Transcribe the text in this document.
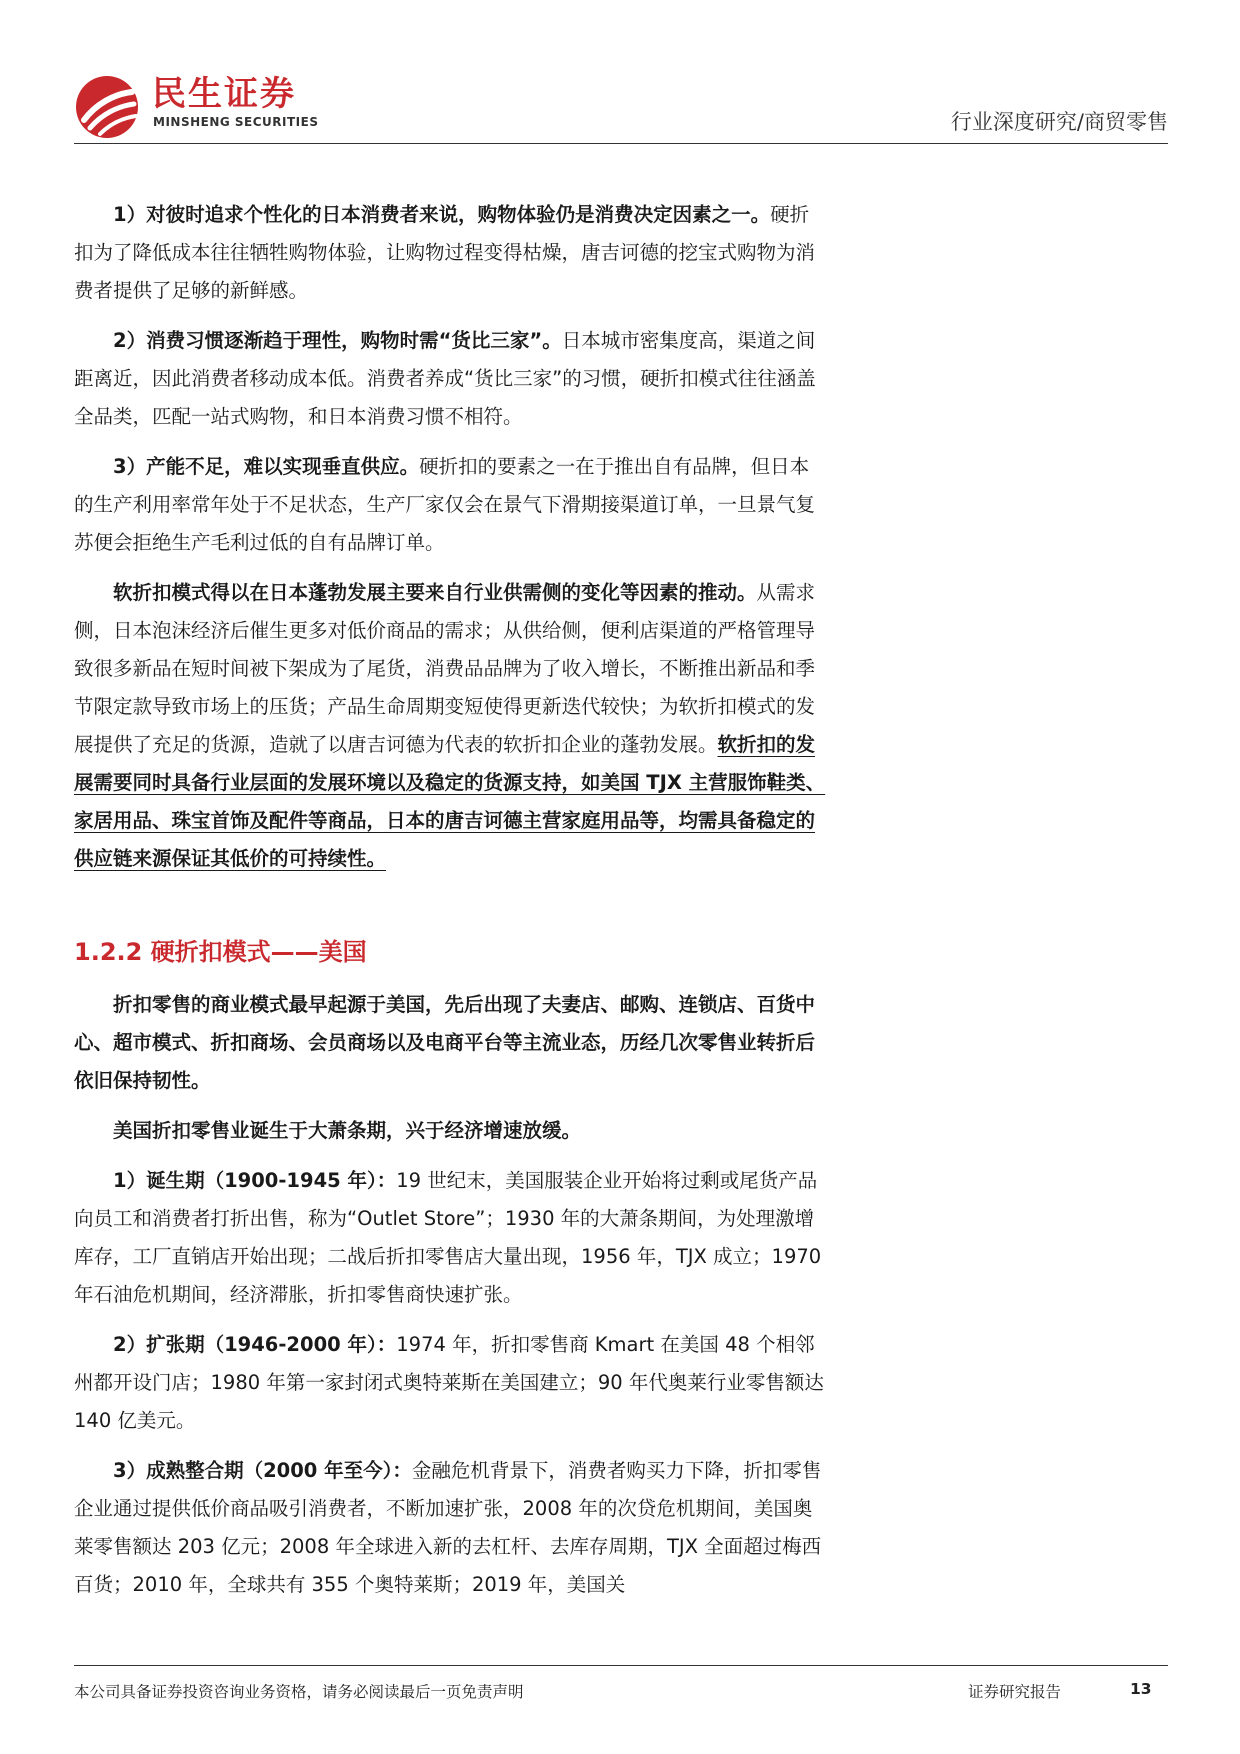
民生证券
MINSHENG SECURITIES	行业深度研究/商贸零售

1）对彼时追求个性化的日本消费者来说，购物体验仍是消费决定因素之一。硬折扣为了降低成本往往牺牲购物体验，让购物过程变得枯燥，唐吉诃德的挖宝式购物为消费者提供了足够的新鲜感。

2）消费习惯逐渐趋于理性，购物时需“货比三家”。日本城市密集度高，渠道之间距离近，因此消费者移动成本低。消费者养成“货比三家”的习惯，硬折扣模式往往涵盖全品类，匹配一站式购物，和日本消费习惯不相符。

3）产能不足，难以实现垂直供应。硬折扣的要素之一在于推出自有品牌，但日本的生产利用率常年处于不足状态，生产厂家仅会在景气下滑期接渠道订单，一旦景气复苏便会拒绝生产毛利过低的自有品牌订单。

软折扣模式得以在日本蓬勃发展主要来自行业供需侧的变化等因素的推动。从需求侧，日本泡沫经济后催生更多对低价商品的需求；从供给侧，便利店渠道的严格管理导致很多新品在短时间被下架成为了尾货，消费品品牌为了收入增长，不断推出新品和季节限定款导致市场上的压货；产品生命周期变短使得更新迭代较快；为软折扣模式的发展提供了充足的货源，造就了以唐吉诃德为代表的软折扣企业的蓬勃发展。软折扣的发展需要同时具备行业层面的发展环境以及稳定的货源支持，如美国 TJX 主营服饰鞋类、家居用品、珠宝首饰及配件等商品，日本的唐吉诃德主营家庭用品等，均需具备稳定的供应链来源保证其低价的可持续性。

1.2.2 硬折扣模式——美国

折扣零售的商业模式最早起源于美国，先后出现了夫妻店、邮购、连锁店、百货中心、超市模式、折扣商场、会员商场以及电商平台等主流业态，历经几次零售业转折后依旧保持韧性。

美国折扣零售业诞生于大萧条期，兴于经济增速放缓。

1）诞生期（1900-1945 年）：19 世纪末，美国服装企业开始将过剩或尾货产品向员工和消费者打折出售，称为“Outlet Store”；1930 年的大萧条期间，为处理激增库存，工厂直销店开始出现；二战后折扣零售店大量出现，1956 年，TJX 成立；1970 年石油危机期间，经济滞胀，折扣零售商快速扩张。

2）扩张期（1946-2000 年）：1974 年，折扣零售商 Kmart 在美国 48 个相邻州都开设门店；1980 年第一家封闭式奥特莱斯在美国建立；90 年代奥莱行业零售额达 140 亿美元。

3）成熟整合期（2000 年至今）：金融危机背景下，消费者购买力下降，折扣零售企业通过提供低价商品吸引消费者，不断加速扩张，2008 年的次贷危机期间，美国奥莱零售额达 203 亿元；2008 年全球进入新的去杠杆、去库存周期，TJX 全面超过梅西百货；2010 年，全球共有 355 个奥特莱斯；2019 年，美国关

本公司具备证券投资咨询业务资格，请务必阅读最后一页免责声明	证券研究报告	13
